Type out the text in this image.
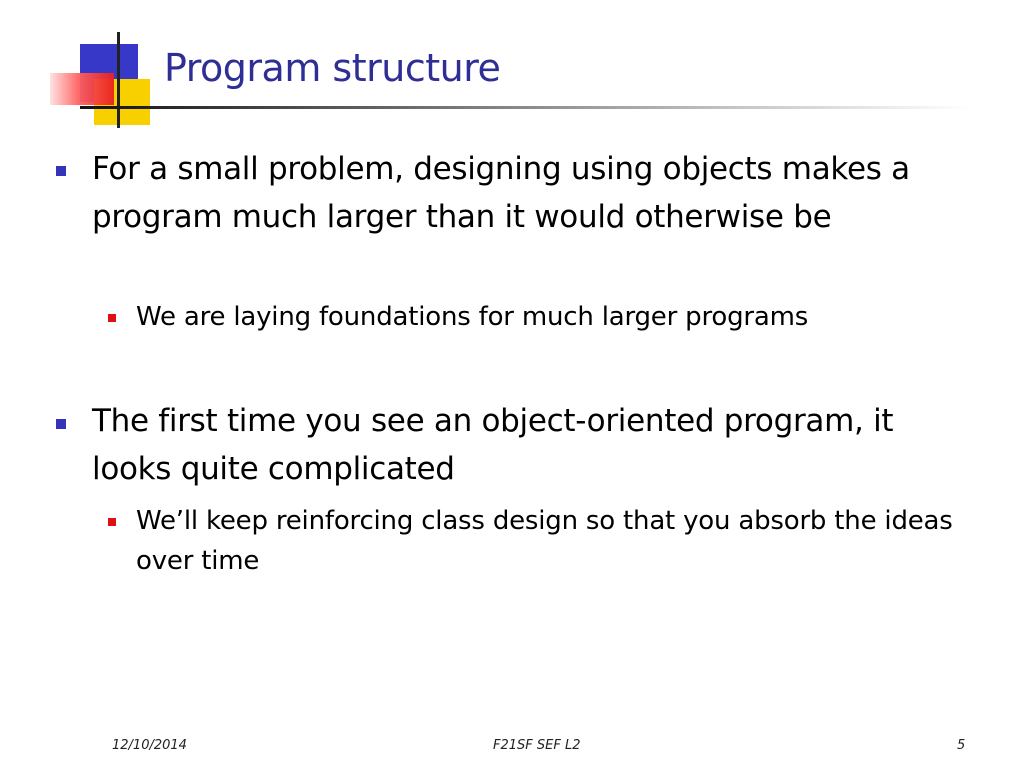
Program structure
For a small problem, designing using objects makes a program much larger than it would otherwise be
We are laying foundations for much larger programs
The first time you see an object-oriented program, it looks quite complicated
We’ll keep reinforcing class design so that you absorb the ideas over time
12/10/2014	F21SF SEF L2	5
